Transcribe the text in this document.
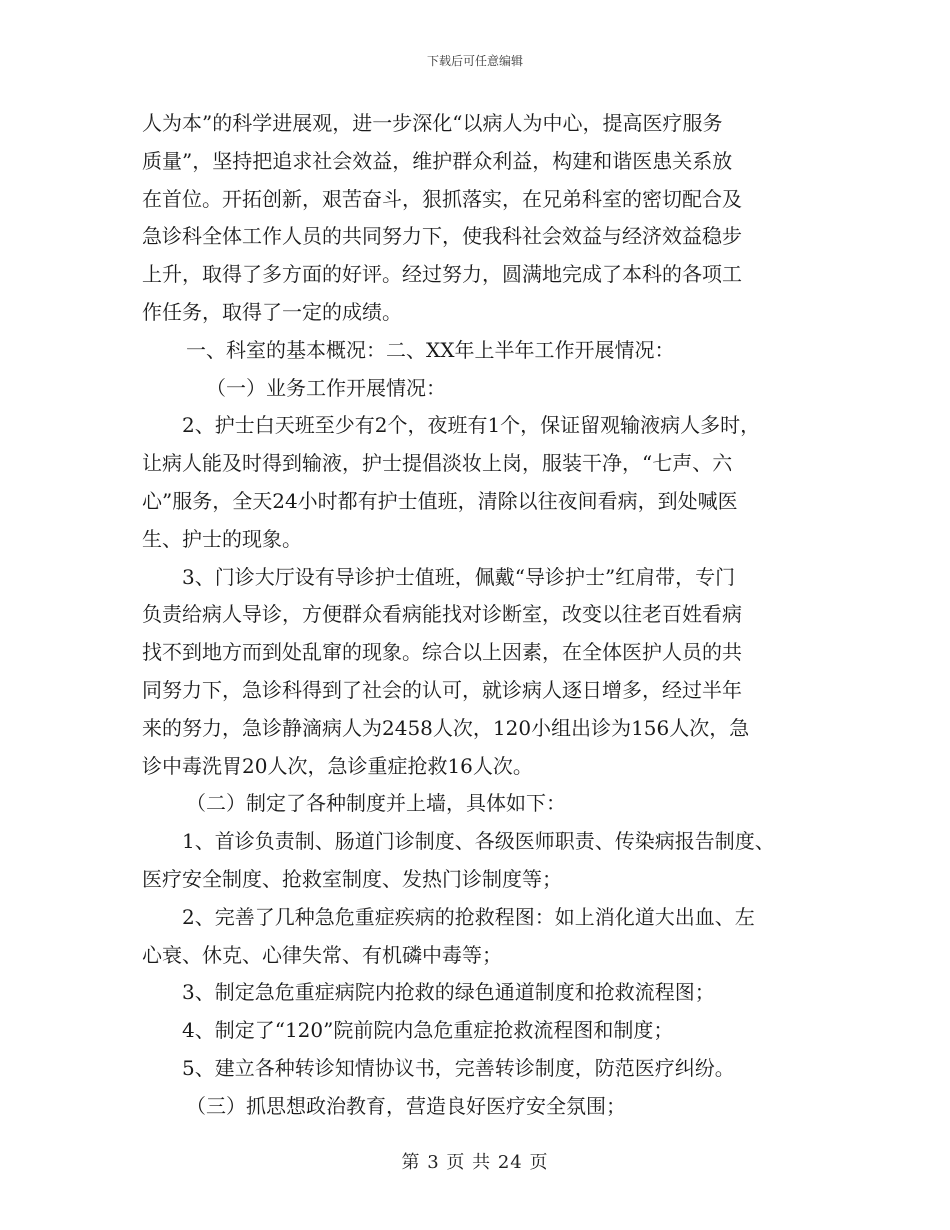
下载后可任意编辑

人为本”的科学进展观，进一步深化“以病人为中心，提高医疗服务

质量”，坚持把追求社会效益，维护群众利益，构建和谐医患关系放

在首位。开拓创新，艰苦奋斗，狠抓落实，在兄弟科室的密切配合及

急诊科全体工作人员的共同努力下，使我科社会效益与经济效益稳步

上升，取得了多方面的好评。经过努力，圆满地完成了本科的各项工

作任务，取得了一定的成绩。

一、科室的基本概况：二、XX年上半年工作开展情况：

（一）业务工作开展情况：

2、护士白天班至少有2个，夜班有1个，保证留观输液病人多时，

让病人能及时得到输液，护士提倡淡妆上岗，服装干净，“七声、六

心”服务，全天24小时都有护士值班，清除以往夜间看病，到处喊医

生、护士的现象。

3、门诊大厅设有导诊护士值班，佩戴“导诊护士”红肩带，专门

负责给病人导诊，方便群众看病能找对诊断室，改变以往老百姓看病

找不到地方而到处乱窜的现象。综合以上因素，在全体医护人员的共

同努力下，急诊科得到了社会的认可，就诊病人逐日增多，经过半年

来的努力，急诊静滴病人为2458人次，120小组出诊为156人次，急

诊中毒洗胃20人次，急诊重症抢救16人次。

（二）制定了各种制度并上墙，具体如下：

1、首诊负责制、肠道门诊制度、各级医师职责、传染病报告制度、

医疗安全制度、抢救室制度、发热门诊制度等；

2、完善了几种急危重症疾病的抢救程图：如上消化道大出血、左

心衰、休克、心律失常、有机磷中毒等；

3、制定急危重症病院内抢救的绿色通道制度和抢救流程图；

4、制定了“120”院前院内急危重症抢救流程图和制度；

5、建立各种转诊知情协议书，完善转诊制度，防范医疗纠纷。

（三）抓思想政治教育，营造良好医疗安全氛围；

第 3 页 共 24 页
